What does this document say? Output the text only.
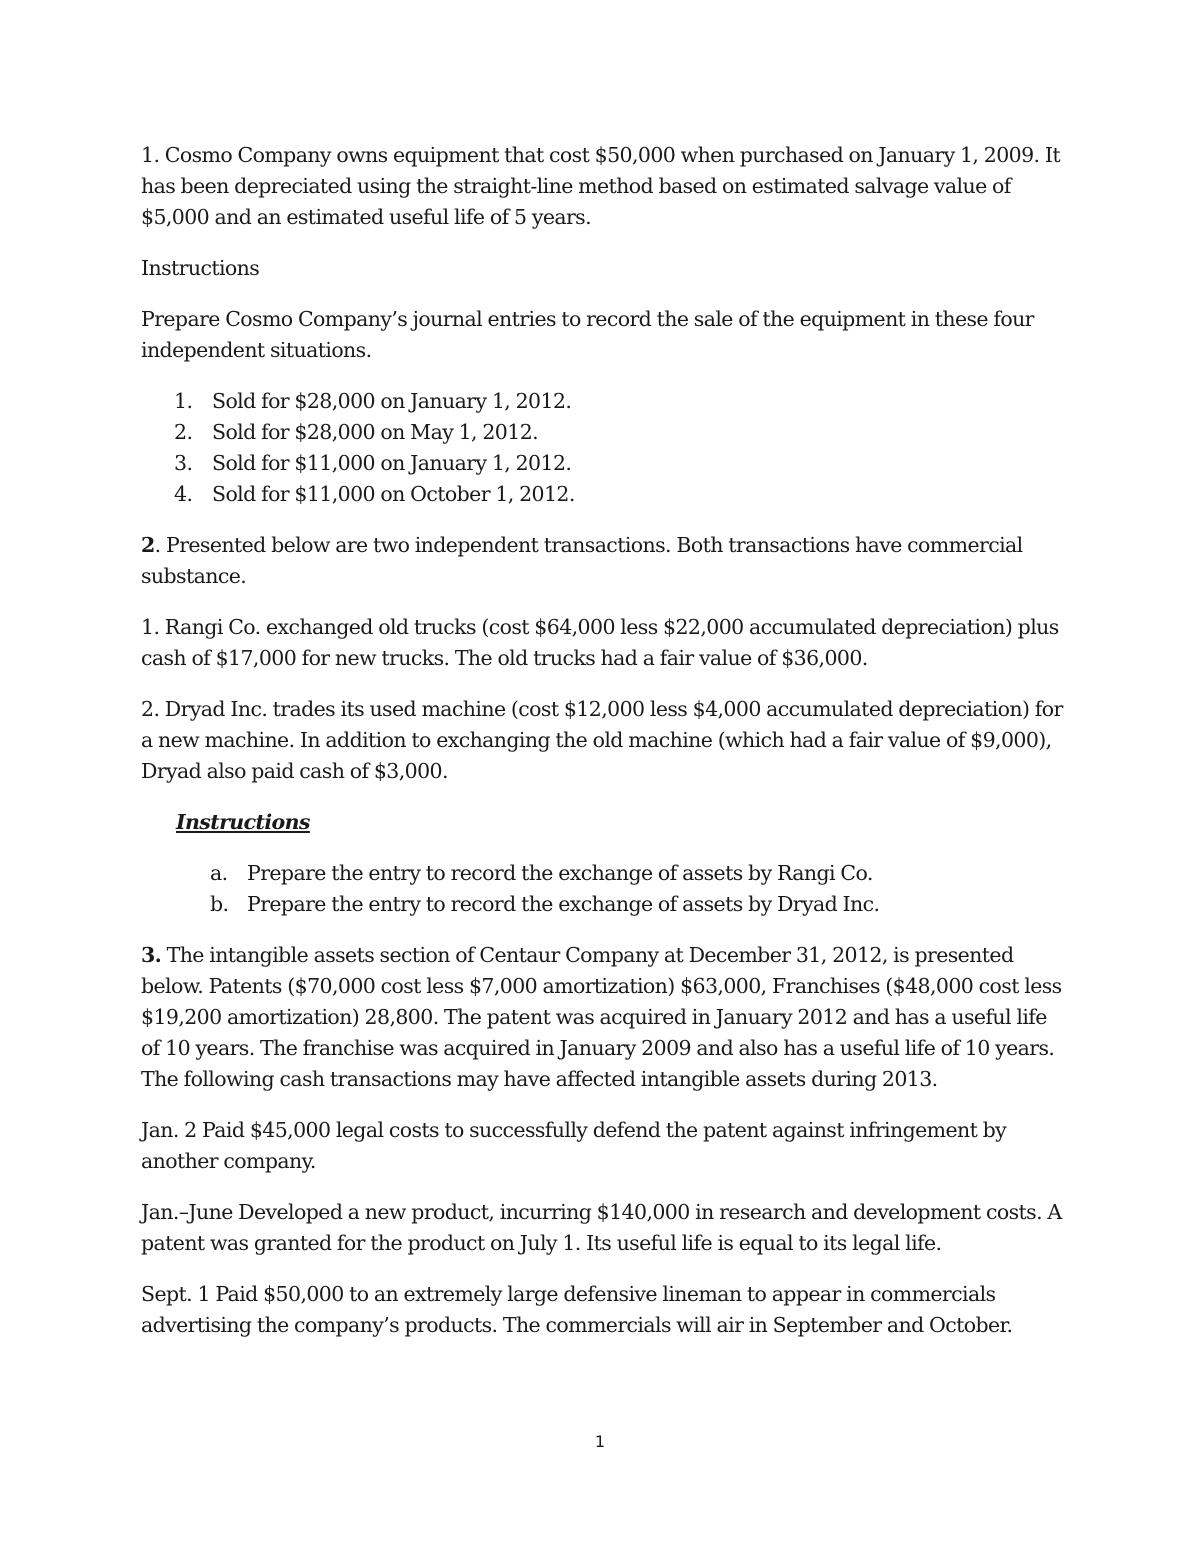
1. Cosmo Company owns equipment that cost $50,000 when purchased on January 1, 2009. It has been depreciated using the straight-line method based on estimated salvage value of $5,000 and an estimated useful life of 5 years.

Instructions

Prepare Cosmo Company’s journal entries to record the sale of the equipment in these four independent situations.

1. Sold for $28,000 on January 1, 2012.
2. Sold for $28,000 on May 1, 2012.
3. Sold for $11,000 on January 1, 2012.
4. Sold for $11,000 on October 1, 2012.

2. Presented below are two independent transactions. Both transactions have commercial substance.

1. Rangi Co. exchanged old trucks (cost $64,000 less $22,000 accumulated depreciation) plus cash of $17,000 for new trucks. The old trucks had a fair value of $36,000.

2. Dryad Inc. trades its used machine (cost $12,000 less $4,000 accumulated depreciation) for a new machine. In addition to exchanging the old machine (which had a fair value of $9,000), Dryad also paid cash of $3,000.

Instructions

a. Prepare the entry to record the exchange of assets by Rangi Co.
b. Prepare the entry to record the exchange of assets by Dryad Inc.

3. The intangible assets section of Centaur Company at December 31, 2012, is presented below. Patents ($70,000 cost less $7,000 amortization) $63,000, Franchises ($48,000 cost less $19,200 amortization) 28,800. The patent was acquired in January 2012 and has a useful life of 10 years. The franchise was acquired in January 2009 and also has a useful life of 10 years. The following cash transactions may have affected intangible assets during 2013.

Jan. 2 Paid $45,000 legal costs to successfully defend the patent against infringement by another company.

Jan.–June Developed a new product, incurring $140,000 in research and development costs. A patent was granted for the product on July 1. Its useful life is equal to its legal life.

Sept. 1 Paid $50,000 to an extremely large defensive lineman to appear in commercials advertising the company’s products. The commercials will air in September and October.

1
